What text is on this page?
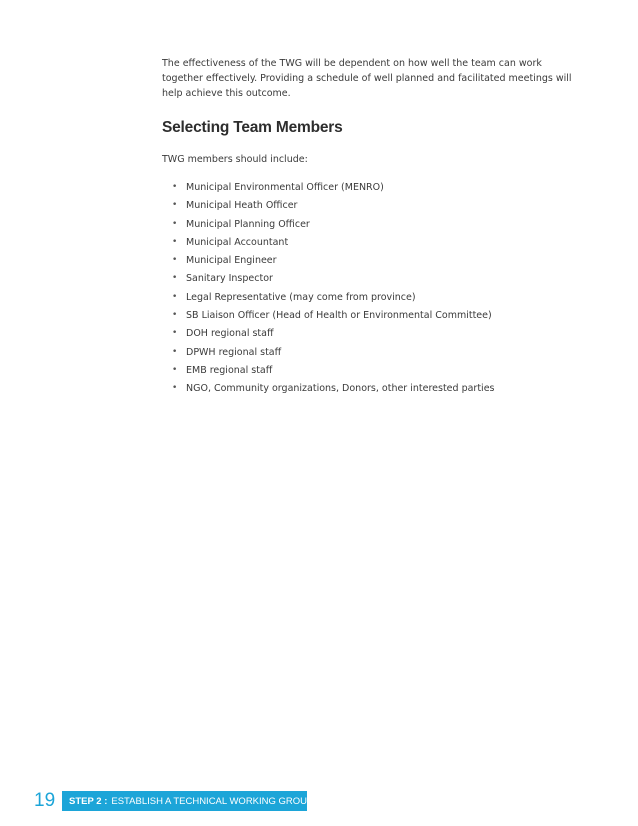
The effectiveness of the TWG will be dependent on how well the team can work together effectively. Providing a schedule of well planned and facilitated meetings will help achieve this outcome.

Selecting Team Members

TWG members should include:

• Municipal Environmental Officer (MENRO)
• Municipal Heath Officer
• Municipal Planning Officer
• Municipal Accountant
• Municipal Engineer
• Sanitary Inspector
• Legal Representative (may come from province)
• SB Liaison Officer (Head of Health or Environmental Committee)
• DOH regional staff
• DPWH regional staff
• EMB regional staff
• NGO, Community organizations, Donors, other interested parties
19 STEP 2 : ESTABLISH A TECHNICAL WORKING GROUP
